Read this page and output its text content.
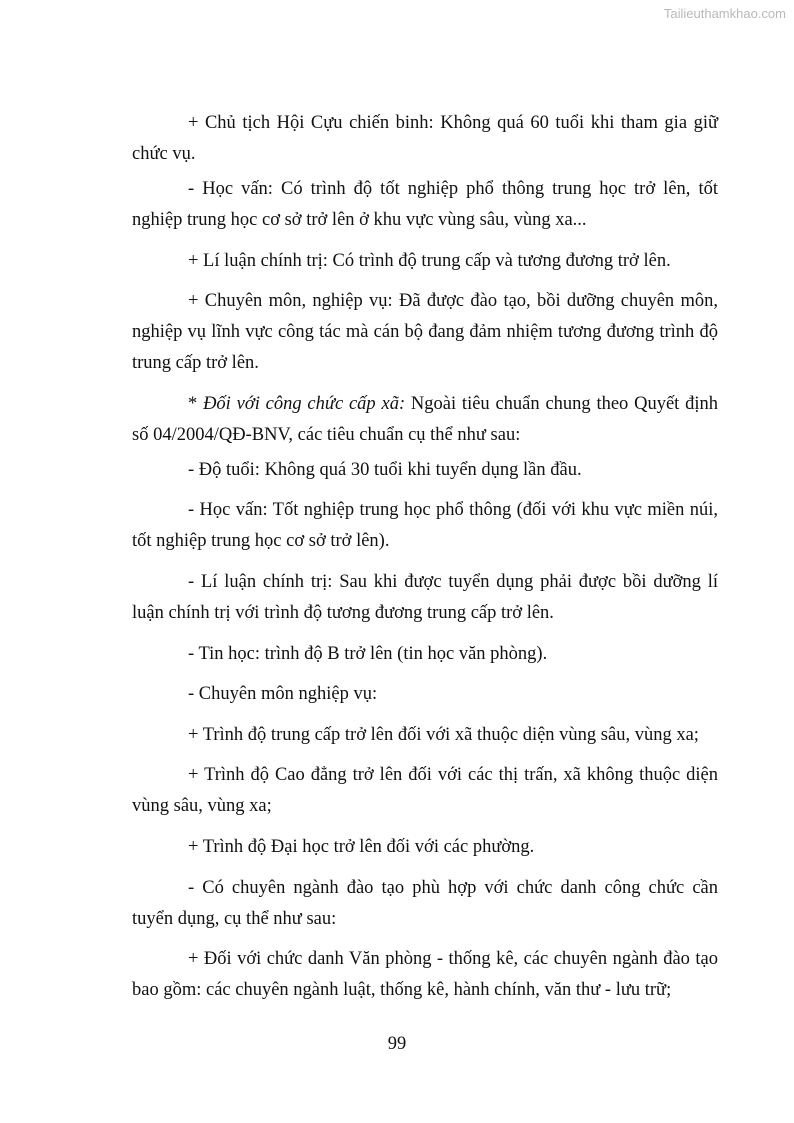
Tailieuthamkhao.com

+ Chủ tịch Hội Cựu chiến binh: Không quá 60 tuổi khi tham gia giữ chức vụ.

- Học vấn: Có trình độ tốt nghiệp phổ thông trung học trở lên, tốt nghiệp trung học cơ sở trở lên ở khu vực vùng sâu, vùng xa...

+ Lí luận chính trị: Có trình độ trung cấp và tương đương trở lên.

+ Chuyên môn, nghiệp vụ: Đã được đào tạo, bồi dưỡng chuyên môn, nghiệp vụ lĩnh vực công tác mà cán bộ đang đảm nhiệm tương đương trình độ trung cấp trở lên.

* Đối với công chức cấp xã: Ngoài tiêu chuẩn chung theo Quyết định số 04/2004/QĐ-BNV, các tiêu chuẩn cụ thể như sau:

- Độ tuổi: Không quá 30 tuổi khi tuyển dụng lần đầu.

- Học vấn: Tốt nghiệp trung học phổ thông (đối với khu vực miền núi, tốt nghiệp trung học cơ sở trở lên).

- Lí luận chính trị: Sau khi được tuyển dụng phải được bồi dưỡng lí luận chính trị với trình độ tương đương trung cấp trở lên.

- Tin học: trình độ B trở lên (tin học văn phòng).

- Chuyên môn nghiệp vụ:

+ Trình độ trung cấp trở lên đối với xã thuộc diện vùng sâu, vùng xa;

+ Trình độ Cao đẳng trở lên đối với các thị trấn, xã không thuộc diện vùng sâu, vùng xa;

+ Trình độ Đại học trở lên đối với các phường.

- Có chuyên ngành đào tạo phù hợp với chức danh công chức cần tuyển dụng, cụ thể như sau:

+ Đối với chức danh Văn phòng - thống kê, các chuyên ngành đào tạo bao gồm: các chuyên ngành luật, thống kê, hành chính, văn thư - lưu trữ;

99
